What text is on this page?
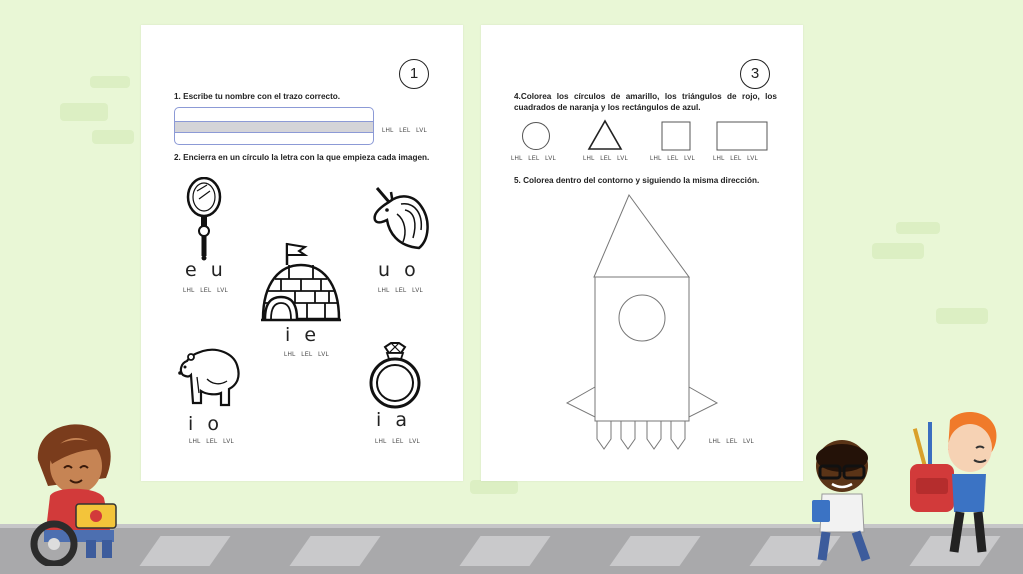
1
1. Escribe tu nombre con el trazo correcto.
LHL LEL LVL
2. Encierra en un círculo la letra con la que empieza cada imagen.
e u
LHL LEL LVL
u o
LHL LEL LVL
i e
LHL LEL LVL
i o
LHL LEL LVL
i a
LHL LEL LVL
3
4.Colorea los círculos de amarillo, los triángulos de rojo, los cuadrados de naranja y los rectángulos de azul.
LHL LEL LVL	LHL LEL LVL	LHL LEL LVL	LHL LEL LVL
5. Colorea dentro del contorno y siguiendo la misma dirección.
LHL LEL LVL
